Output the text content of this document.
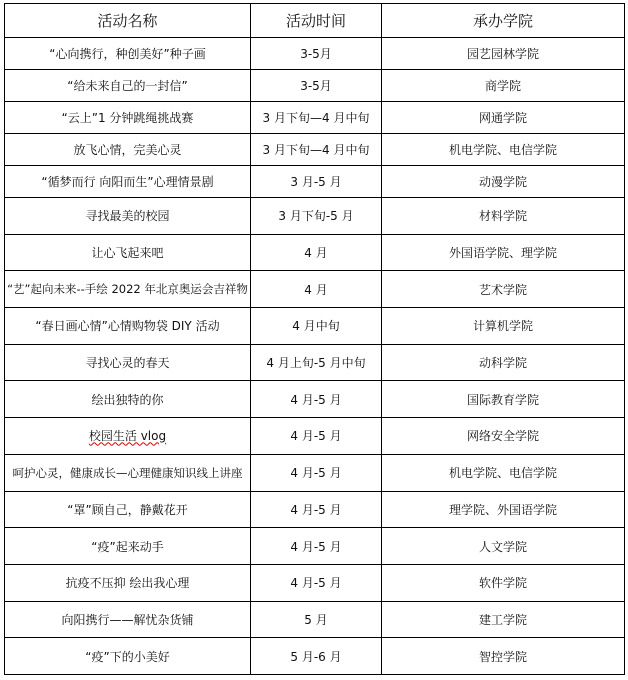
活动名称	活动时间	承办学院
“心向携行，种创美好”种子画	3-5月	园艺园林学院
“给未来自己的一封信”	3-5月	商学院
“云上”1 分钟跳绳挑战赛	3 月下旬—4 月中旬	网通学院
放飞心情，完美心灵	3 月下旬—4 月中旬	机电学院、电信学院
“循梦而行 向阳而生”心理情景剧	3 月-5 月	动漫学院
寻找最美的校园	3 月下旬-5 月	材料学院
让心飞起来吧	4 月	外国语学院、理学院
“艺”起向未来--手绘 2022 年北京奥运会吉祥物	4 月	艺术学院
“春日画心情”心情购物袋 DIY 活动	4 月中旬	计算机学院
寻找心灵的春天	4 月上旬-5 月中旬	动科学院
绘出独特的你	4 月-5 月	国际教育学院
校园生活 vlog	4 月-5 月	网络安全学院
呵护心灵，健康成长—心理健康知识线上讲座	4 月-5 月	机电学院、电信学院
“罩”顾自己，静戴花开	4 月-5 月	理学院、外国语学院
“疫”起来动手	4 月-5 月	人文学院
抗疫不压抑 绘出我心理	4 月-5 月	软件学院
向阳携行——解忧杂货铺	5 月	建工学院
“疫”下的小美好	5 月-6 月	智控学院
